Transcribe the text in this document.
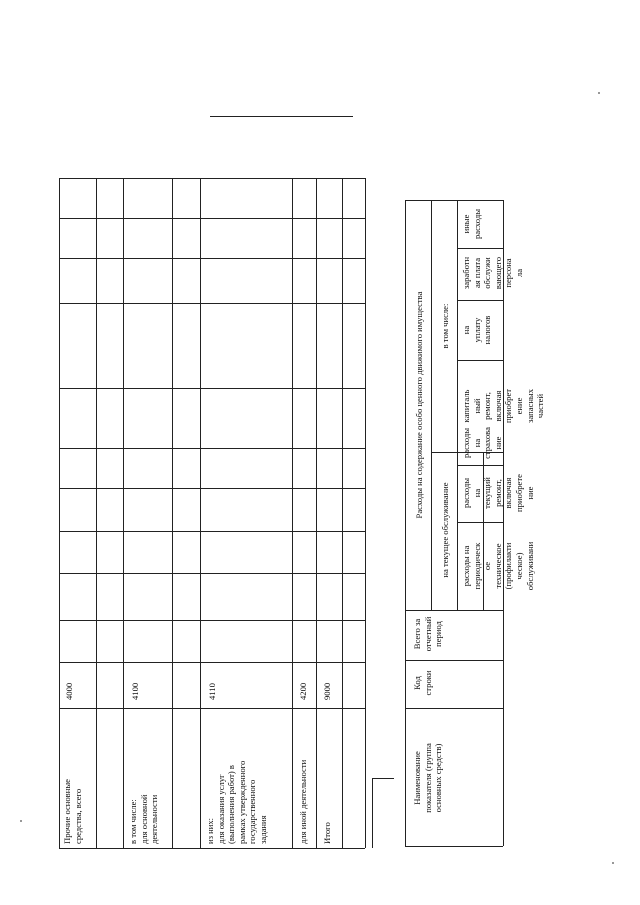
Прочие основные
средства, всего
4000
в том числе:
для основной
деятельности
4100
из них:
для оказания услуг
(выполнения работ) в
рамках утвержденного
государственного
задания
4110
для иной деятельности
4200
Итого
9000
Наименование
показателя (группа
основных средств)
Код
строки
Всего за
отчетный
период
Расходы на содержание особо ценного движимого имущества в том числе:
на текущее обслуживание расходы на
периодическ
ое
техническое
(профилакти
ческое)
обслуживани
расходы
на
текущий
ремонт,
включая
приобрете
ние
расходы
на
страхова
ние
капиталь
ный
ремонт,
включая
приобрет
ение
запасных
частей
на
уплату
налогов
заработн
ая плата
обслужи
вающего
персона
ла
иные
расходы
